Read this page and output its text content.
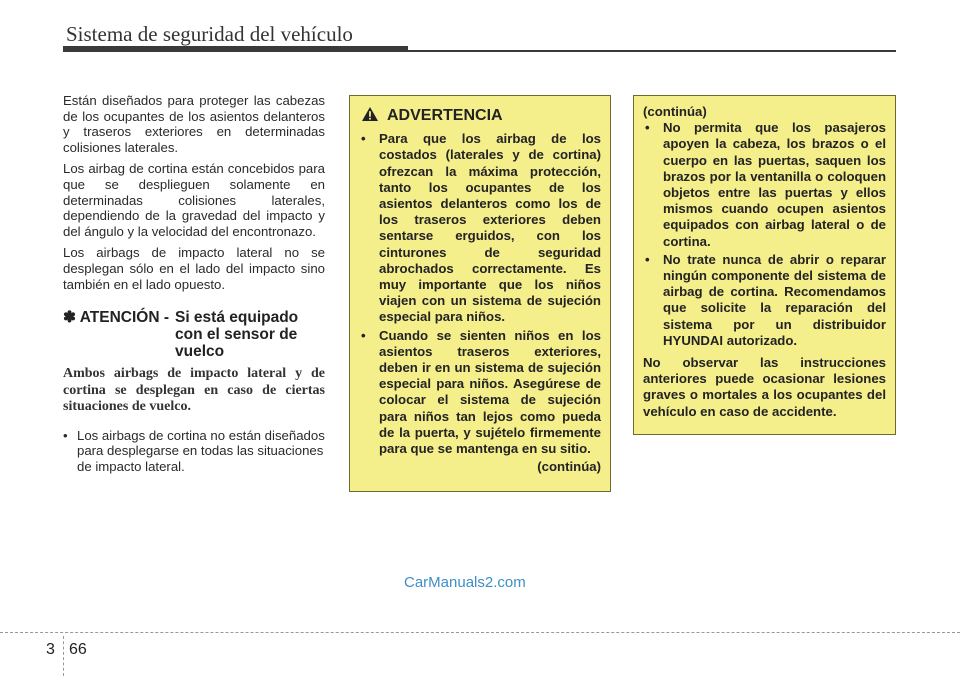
Sistema de seguridad del vehículo

Están diseñados para proteger las cabezas de los ocupantes de los asientos delanteros y traseros exteriores en determinadas colisiones laterales.

Los airbag de cortina están concebidos para que se desplieguen solamente en determinadas colisiones laterales, dependiendo de la gravedad del impacto y del ángulo y la velocidad del encontronazo.

Los airbags de impacto lateral no se desplegan sólo en el lado del impacto sino también en el lado opuesto.

✽ ATENCIÓN - Si está equipado con el sensor de vuelco
Ambos airbags de impacto lateral y de cortina se desplegan en caso de ciertas situaciones de vuelco.
• Los airbags de cortina no están diseñados para desplegarse en todas las situaciones de impacto lateral.
ADVERTENCIA
• Para que los airbag de los costados (laterales y de cortina) ofrezcan la máxima protección, tanto los ocupantes de los asientos delanteros como los de los traseros exteriores deben sentarse erguidos, con los cinturones de seguridad abrochados correctamente. Es muy importante que los niños viajen con un sistema de sujeción especial para niños.
• Cuando se sienten niños en los asientos traseros exteriores, deben ir en un sistema de sujeción especial para niños. Asegúrese de colocar el sistema de sujeción para niños tan lejos como pueda de la puerta, y sujételo firmemente para que se mantenga en su sitio.
(continúa)
(continúa)
• No permita que los pasajeros apoyen la cabeza, los brazos o el cuerpo en las puertas, saquen los brazos por la ventanilla o coloquen objetos entre las puertas y ellos mismos cuando ocupen asientos equipados con airbag lateral o de cortina.
• No trate nunca de abrir o reparar ningún componente del sistema de airbag de cortina. Recomendamos que solicite la reparación del sistema por un distribuidor HYUNDAI autorizado.

No observar las instrucciones anteriores puede ocasionar lesiones graves o mortales a los ocupantes del vehículo en caso de accidente.

CarManuals2.com
3 66
